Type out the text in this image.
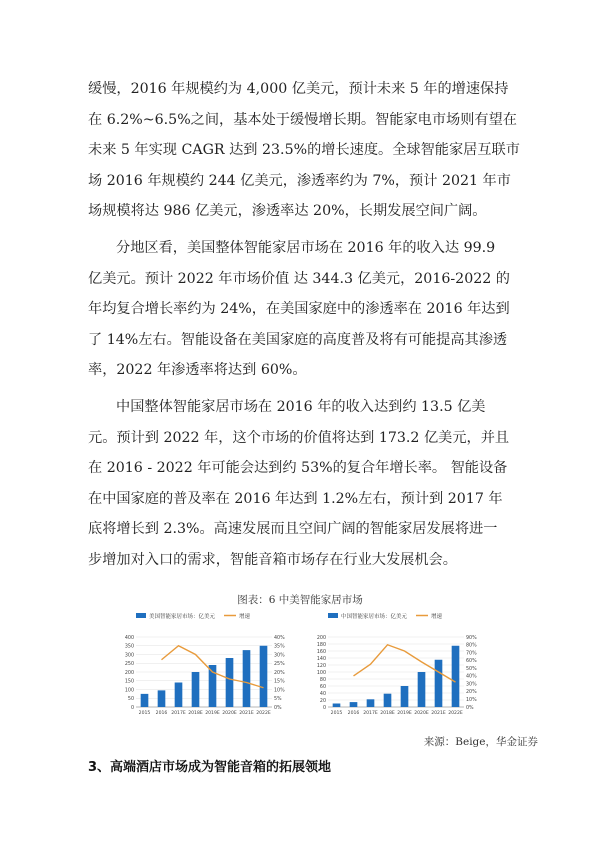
缓慢，2016 年规模约为 4,000 亿美元，预计未来 5 年的增速保持
在 6.2%~6.5%之间，基本处于缓慢增长期。智能家电市场则有望在
未来 5 年实现 CAGR 达到 23.5%的增长速度。全球智能家居互联市
场 2016 年规模约 244 亿美元，渗透率约为 7%，预计 2021 年市
场规模将达 986 亿美元，渗透率达 20%，长期发展空间广阔。
分地区看，美国整体智能家居市场在 2016 年的收入达 99.9
亿美元。预计 2022 年市场价值 达 344.3 亿美元，2016-2022 的
年均复合增长率约为 24%，在美国家庭中的渗透率在 2016 年达到
了 14%左右。智能设备在美国家庭的高度普及将有可能提高其渗透
率，2022 年渗透率将达到 60%。
中国整体智能家居市场在 2016 年的收入达到约 13.5 亿美
元。预计到 2022 年，这个市场的价值将达到 173.2 亿美元，并且
在 2016 - 2022 年可能会达到约 53%的复合年增长率。 智能设备
在中国家庭的普及率在 2016 年达到 1.2%左右，预计到 2017 年
底将增长到 2.3%。高速发展而且空间广阔的智能家居发展将进一
步增加对入口的需求，智能音箱市场存在行业大发展机会。
图表：6 中美智能家居市场
美国智能家居市场：亿美元	增速
0
50
100
150
200
250
300
350
400
0%
5%
10%
15%
20%
25%
30%
35%
40%
2015 2016 2017E 2018E 2019E 2020E 2021E 2022E
中国智能家居市场：亿美元	增速
0
20
40
60
80
100
120
140
160
180
200
0%
10%
20%
30%
40%
50%
60%
70%
80%
90%
2015 2016 2017E 2018E 2019E 2020E 2021E 2022E
来源：Beige，华金证券
3、高端酒店市场成为智能音箱的拓展领地
